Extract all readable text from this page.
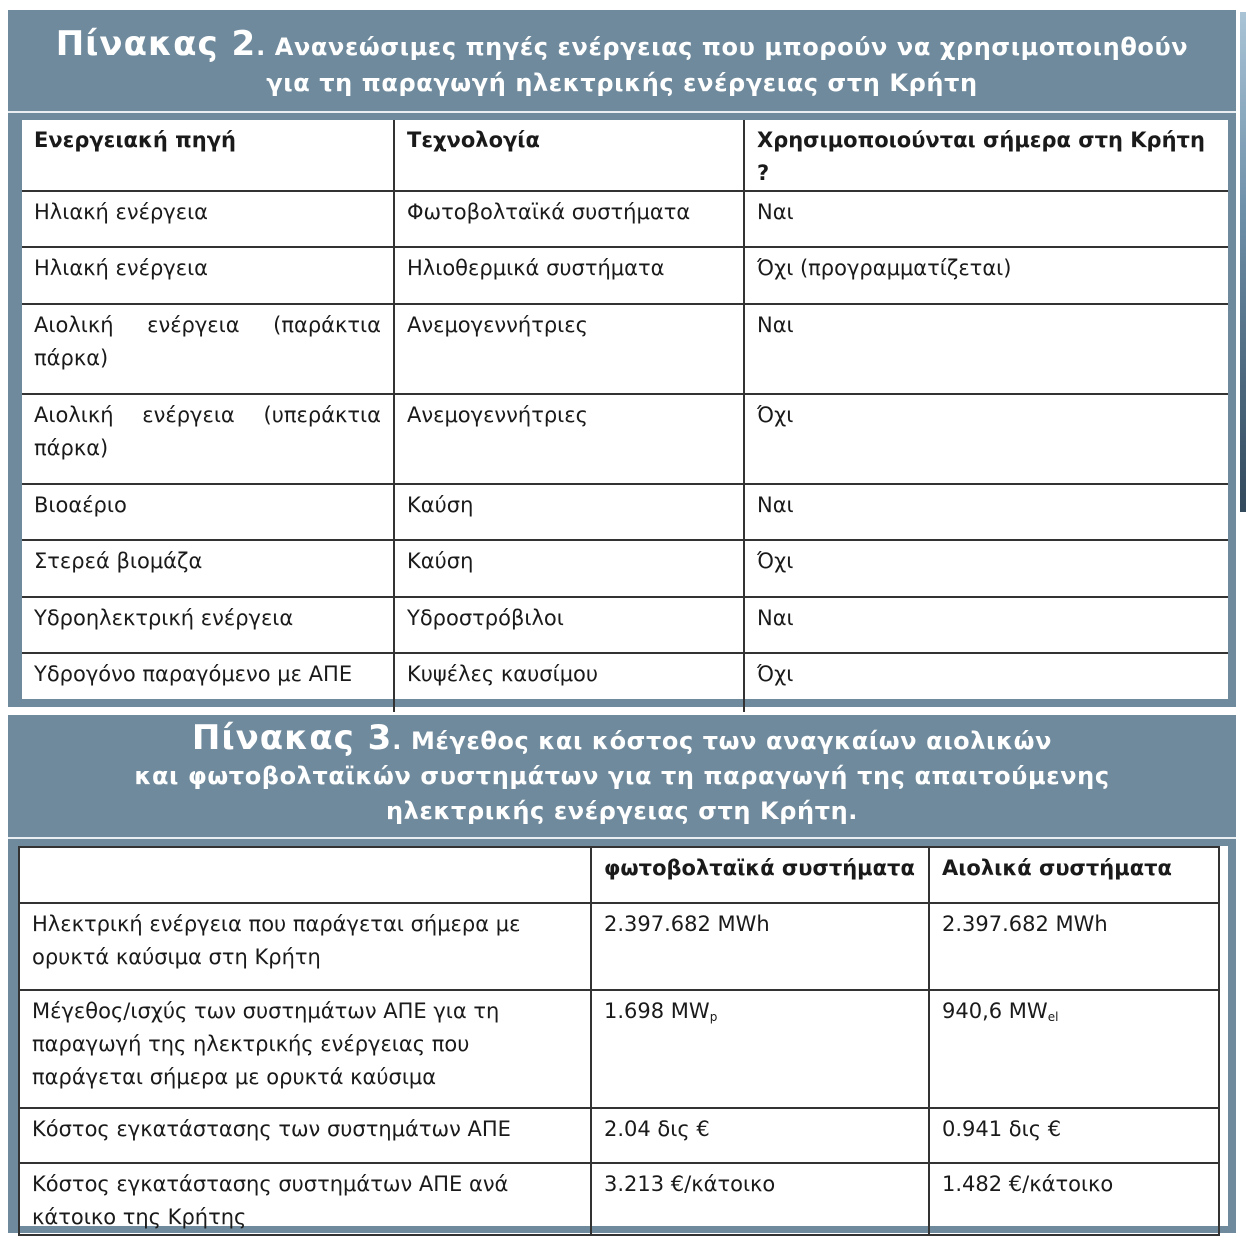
Πίνακας 2. Ανανεώσιμες πηγές ενέργειας που μπορούν να χρησιμοποιηθούν
για τη παραγωγή ηλεκτρικής ενέργειας στη Κρήτη
Ενεργειακή πηγή	Τεχνολογία	Χρησιμοποιούνται σήμερα στη Κρήτη ?
Ηλιακή ενέργεια	Φωτοβολταϊκά συστήματα	Ναι
Ηλιακή ενέργεια	Ηλιοθερμικά συστήματα	Όχι (προγραμματίζεται)
Αιολική ενέργεια (παράκτια πάρκα)	Ανεμογεννήτριες	Ναι
Αιολική ενέργεια (υπεράκτια πάρκα)	Ανεμογεννήτριες	Όχι
Βιοαέριο	Καύση	Ναι
Στερεά βιομάζα	Καύση	Όχι
Υδροηλεκτρική ενέργεια	Υδροστρόβιλοι	Ναι
Υδρογόνο παραγόμενο με ΑΠΕ	Κυψέλες καυσίμου	Όχι
Πίνακας 3. Μέγεθος και κόστος των αναγκαίων αιολικών
και φωτοβολταϊκών συστημάτων για τη παραγωγή της απαιτούμενης
ηλεκτρικής ενέργειας στη Κρήτη.
	φωτοβολταϊκά συστήματα	Αιολικά συστήματα
Ηλεκτρική ενέργεια που παράγεται σήμερα με ορυκτά καύσιμα στη Κρήτη	2.397.682 MWh	2.397.682 MWh
Μέγεθος/ισχύς των συστημάτων ΑΠΕ για τη παραγωγή της ηλεκτρικής ενέργειας που παράγεται σήμερα με ορυκτά καύσιμα	1.698 $MW_p$	940,6 $MW_{el}$
Κόστος εγκατάστασης των συστημάτων ΑΠΕ	2.04 δις €	0.941 δις €
Κόστος εγκατάστασης συστημάτων ΑΠΕ ανά κάτοικο της Κρήτης	3.213 €/κάτοικο	1.482 €/κάτοικο
